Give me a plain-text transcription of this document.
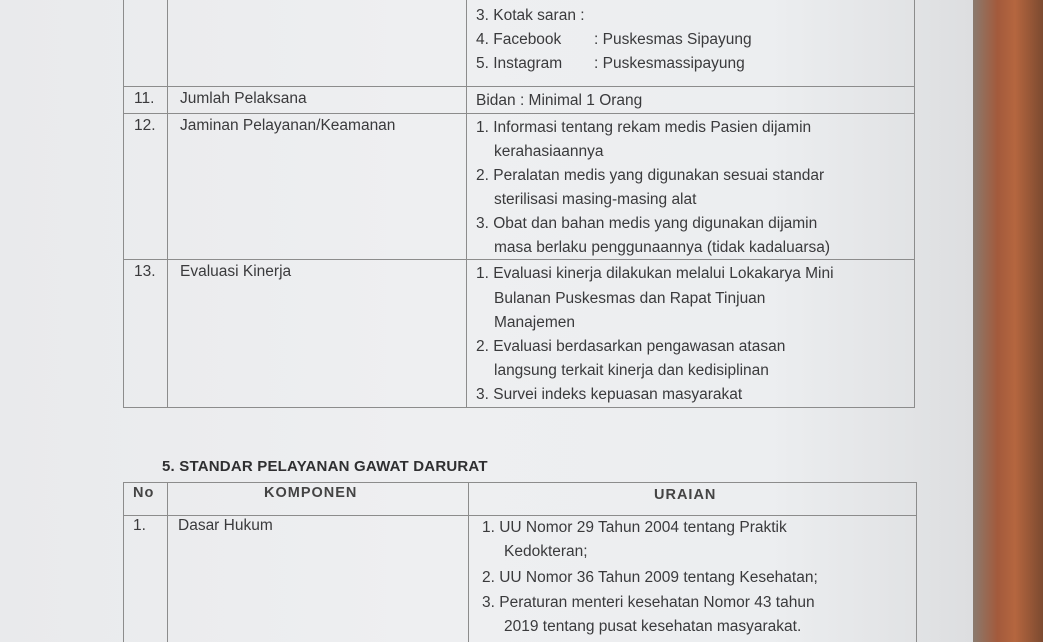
3. Kotak saran :
4. Facebook : Puskesmas Sipayung
5. Instagram : Puskesmassipayung
11. Jumlah Pelaksana	Bidan : Minimal 1 Orang
12. Jaminan Pelayanan/Keamanan	1. Informasi tentang rekam medis Pasien dijamin
kerahasiaannya
2. Peralatan medis yang digunakan sesuai standar
sterilisasi masing-masing alat
3. Obat dan bahan medis yang digunakan dijamin
masa berlaku penggunaannya (tidak kadaluarsa)
13. Evaluasi Kinerja	1. Evaluasi kinerja dilakukan melalui Lokakarya Mini
Bulanan Puskesmas dan Rapat Tinjuan
Manajemen
2. Evaluasi berdasarkan pengawasan atasan
langsung terkait kinerja dan kedisiplinan
3. Survei indeks kepuasan masyarakat
5. STANDAR PELAYANAN GAWAT DARURAT
No	KOMPONEN	URAIAN
1. Dasar Hukum	1. UU Nomor 29 Tahun 2004 tentang Praktik
Kedokteran;
2. UU Nomor 36 Tahun 2009 tentang Kesehatan;
3. Peraturan menteri kesehatan Nomor 43 tahun
2019 tentang pusat kesehatan masyarakat.
